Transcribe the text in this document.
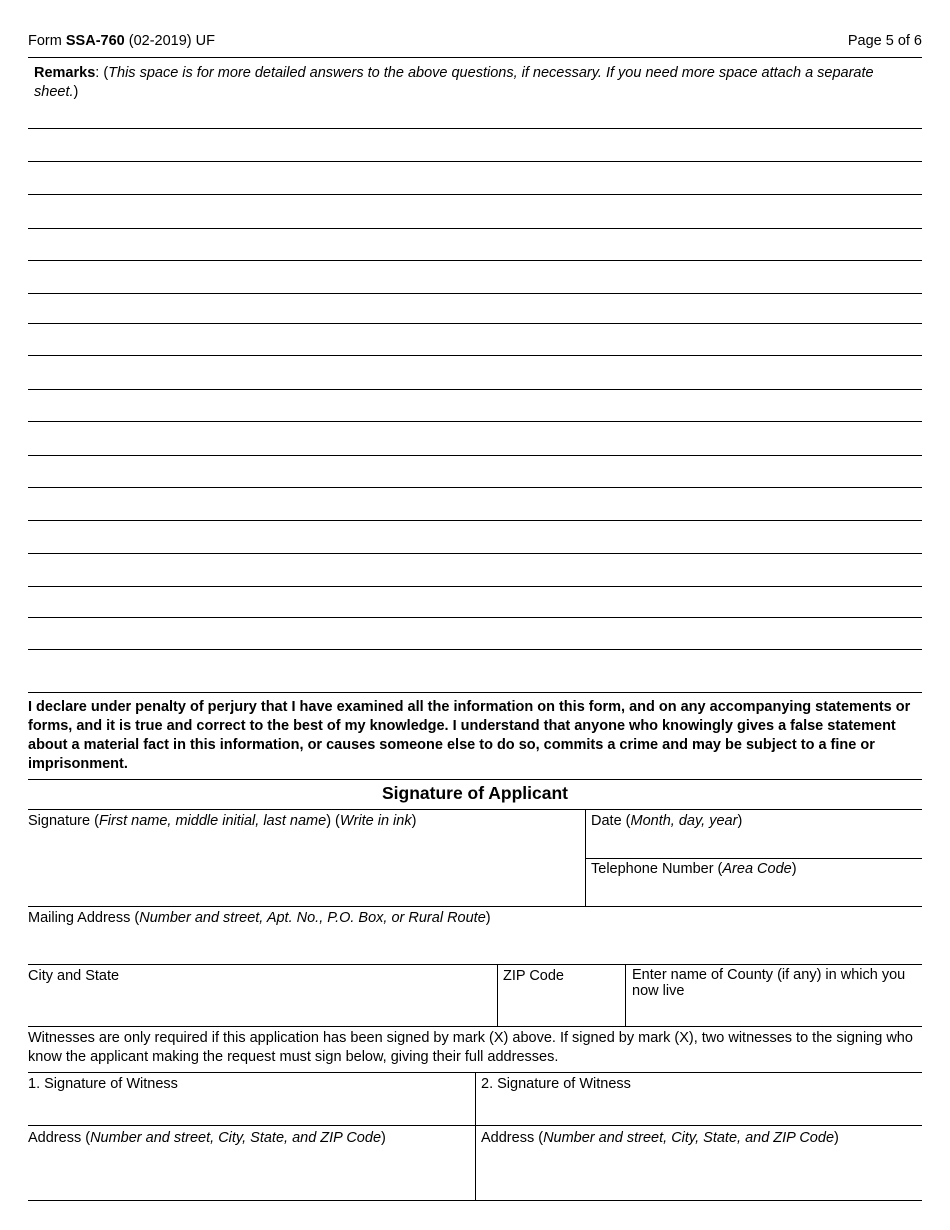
Form SSA-760 (02-2019) UF	Page 5 of 6
Remarks: (This space is for more detailed answers to the above questions, if necessary. If you need more space attach a separate sheet.)
I declare under penalty of perjury that I have examined all the information on this form, and on any accompanying statements or forms, and it is true and correct to the best of my knowledge. I understand that anyone who knowingly gives a false statement about a material fact in this information, or causes someone else to do so, commits a crime and may be subject to a fine or imprisonment.
Signature of Applicant
Signature (First name, middle initial, last name) (Write in ink)	Date (Month, day, year)
Telephone Number (Area Code)
Mailing Address (Number and street, Apt. No., P.O. Box, or Rural Route)
City and State	ZIP Code	Enter name of County (if any) in which you now live
Witnesses are only required if this application has been signed by mark (X) above. If signed by mark (X), two witnesses to the signing who know the applicant making the request must sign below, giving their full addresses.
1. Signature of Witness	2. Signature of Witness
Address (Number and street, City, State, and ZIP Code)	Address (Number and street, City, State, and ZIP Code)
